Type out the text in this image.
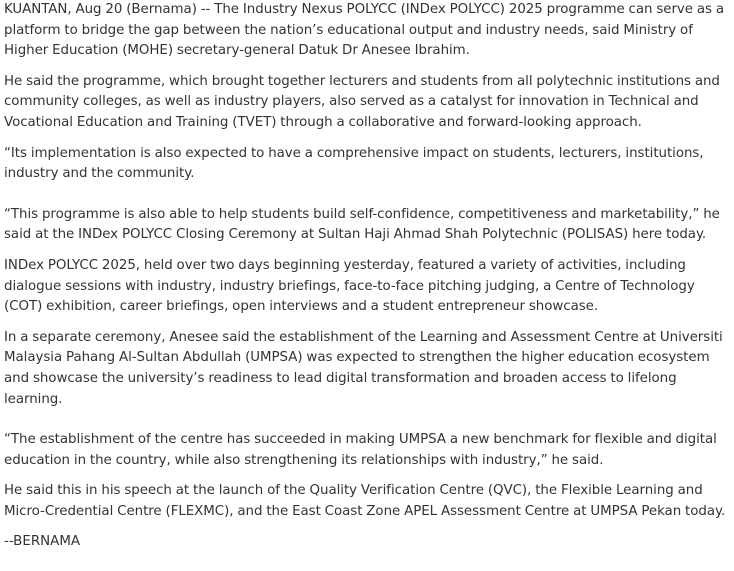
KUANTAN, Aug 20 (Bernama) -- The Industry Nexus POLYCC (INDex POLYCC) 2025 programme can serve as a platform to bridge the gap between the nation’s educational output and industry needs, said Ministry of Higher Education (MOHE) secretary-general Datuk Dr Anesee Ibrahim.

He said the programme, which brought together lecturers and students from all polytechnic institutions and community colleges, as well as industry players, also served as a catalyst for innovation in Technical and Vocational Education and Training (TVET) through a collaborative and forward-looking approach.

“Its implementation is also expected to have a comprehensive impact on students, lecturers, institutions, industry and the community.

“This programme is also able to help students build self-confidence, competitiveness and marketability,” he said at the INDex POLYCC Closing Ceremony at Sultan Haji Ahmad Shah Polytechnic (POLISAS) here today.

INDex POLYCC 2025, held over two days beginning yesterday, featured a variety of activities, including dialogue sessions with industry, industry briefings, face-to-face pitching judging, a Centre of Technology (COT) exhibition, career briefings, open interviews and a student entrepreneur showcase.

In a separate ceremony, Anesee said the establishment of the Learning and Assessment Centre at Universiti Malaysia Pahang Al-Sultan Abdullah (UMPSA) was expected to strengthen the higher education ecosystem and showcase the university’s readiness to lead digital transformation and broaden access to lifelong learning.

“The establishment of the centre has succeeded in making UMPSA a new benchmark for flexible and digital education in the country, while also strengthening its relationships with industry,” he said.

He said this in his speech at the launch of the Quality Verification Centre (QVC), the Flexible Learning and Micro-Credential Centre (FLEXMC), and the East Coast Zone APEL Assessment Centre at UMPSA Pekan today.

--BERNAMA
